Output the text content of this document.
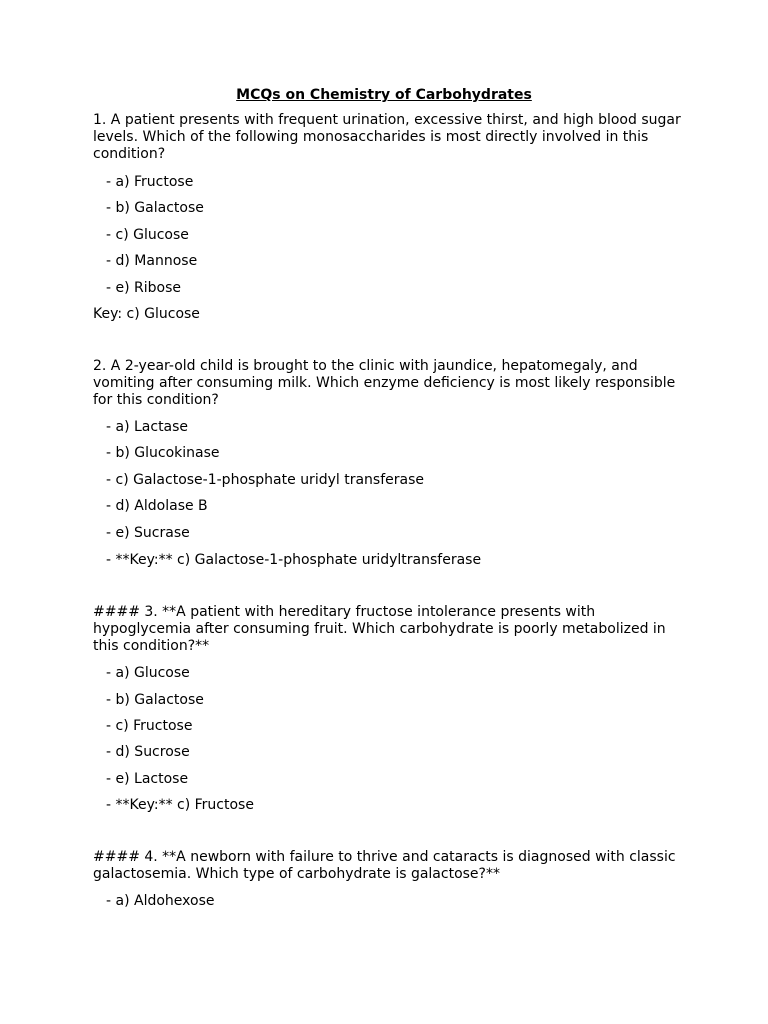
MCQs on Chemistry of Carbohydrates
1. A patient presents with frequent urination, excessive thirst, and high blood sugar levels. Which of the following monosaccharides is most directly involved in this condition?
- a) Fructose
- b) Galactose
- c) Glucose
- d) Mannose
- e) Ribose
Key: c) Glucose
2. A 2-year-old child is brought to the clinic with jaundice, hepatomegaly, and vomiting after consuming milk. Which enzyme deficiency is most likely responsible for this condition?
- a) Lactase
- b) Glucokinase
- c) Galactose-1-phosphate uridyl transferase
- d) Aldolase B
- e) Sucrase
- **Key:** c) Galactose-1-phosphate uridyltransferase
#### 3. **A patient with hereditary fructose intolerance presents with hypoglycemia after consuming fruit. Which carbohydrate is poorly metabolized in this condition?**
- a) Glucose
- b) Galactose
- c) Fructose
- d) Sucrose
- e) Lactose
- **Key:** c) Fructose
#### 4. **A newborn with failure to thrive and cataracts is diagnosed with classic galactosemia. Which type of carbohydrate is galactose?**
- a) Aldohexose
